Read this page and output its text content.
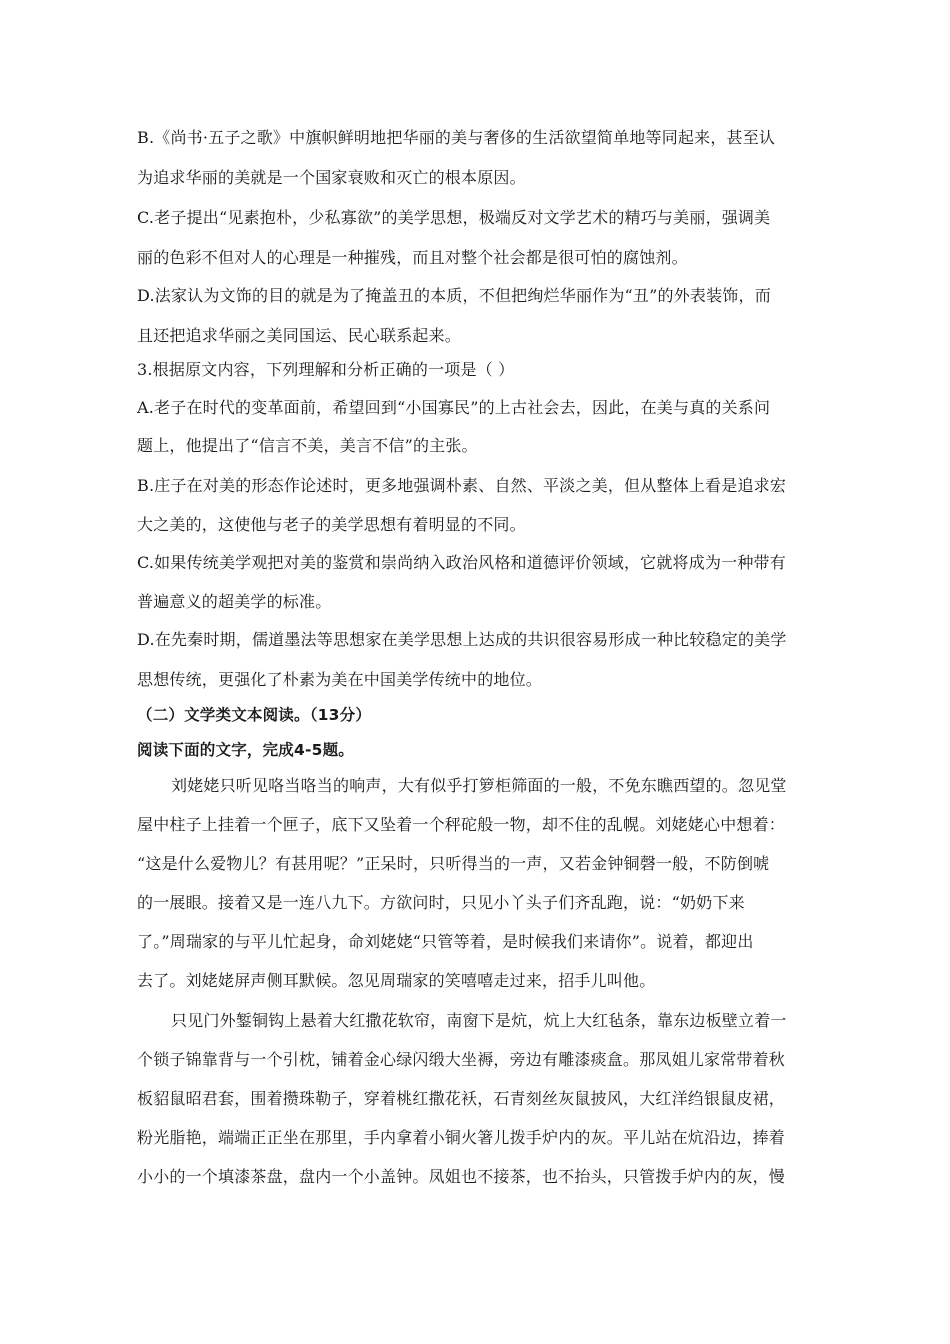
B.《尚书·五子之歌》中旗帜鲜明地把华丽的美与奢侈的生活欲望简单地等同起来，甚至认
为追求华丽的美就是一个国家衰败和灭亡的根本原因。
C.老子提出“见素抱朴，少私寡欲”的美学思想，极端反对文学艺术的精巧与美丽，强调美
丽的色彩不但对人的心理是一种摧残，而且对整个社会都是很可怕的腐蚀剂。
D.法家认为文饰的目的就是为了掩盖丑的本质，不但把绚烂华丽作为“丑”的外表装饰，而
且还把追求华丽之美同国运、民心联系起来。
3.根据原文内容，下列理解和分析正确的一项是（ ）
A.老子在时代的变革面前，希望回到“小国寡民”的上古社会去，因此，在美与真的关系问
题上，他提出了“信言不美，美言不信”的主张。
B.庄子在对美的形态作论述时，更多地强调朴素、自然、平淡之美，但从整体上看是追求宏
大之美的，这使他与老子的美学思想有着明显的不同。
C.如果传统美学观把对美的鉴赏和崇尚纳入政治风格和道德评价领域，它就将成为一种带有
普遍意义的超美学的标准。
D.在先秦时期，儒道墨法等思想家在美学思想上达成的共识很容易形成一种比较稳定的美学
思想传统，更强化了朴素为美在中国美学传统中的地位。
（二）文学类文本阅读。（13分）
阅读下面的文字，完成4-5题。
刘姥姥只听见咯当咯当的响声，大有似乎打箩柜筛面的一般，不免东瞧西望的。忽见堂
屋中柱子上挂着一个匣子，底下又坠着一个秤砣般一物，却不住的乱幌。刘姥姥心中想着：
“这是什么爱物儿？有甚用呢？”正呆时，只听得当的一声，又若金钟铜磬一般，不防倒唬
的一展眼。接着又是一连八九下。方欲问时，只见小丫头子们齐乱跑，说：“奶奶下来
了。”周瑞家的与平儿忙起身，命刘姥姥“只管等着，是时候我们来请你”。说着，都迎出
去了。刘姥姥屏声侧耳默候。忽见周瑞家的笑嘻嘻走过来，招手儿叫他。
只见门外錾铜钩上悬着大红撒花软帘，南窗下是炕，炕上大红毡条，靠东边板壁立着一
个锁子锦靠背与一个引枕，铺着金心绿闪缎大坐褥，旁边有雕漆痰盒。那凤姐儿家常带着秋
板貂鼠昭君套，围着攒珠勒子，穿着桃红撒花袄，石青刻丝灰鼠披风，大红洋绉银鼠皮裙，
粉光脂艳，端端正正坐在那里，手内拿着小铜火箸儿拨手炉内的灰。平儿站在炕沿边，捧着
小小的一个填漆茶盘，盘内一个小盖钟。凤姐也不接茶，也不抬头，只管拨手炉内的灰，慢
